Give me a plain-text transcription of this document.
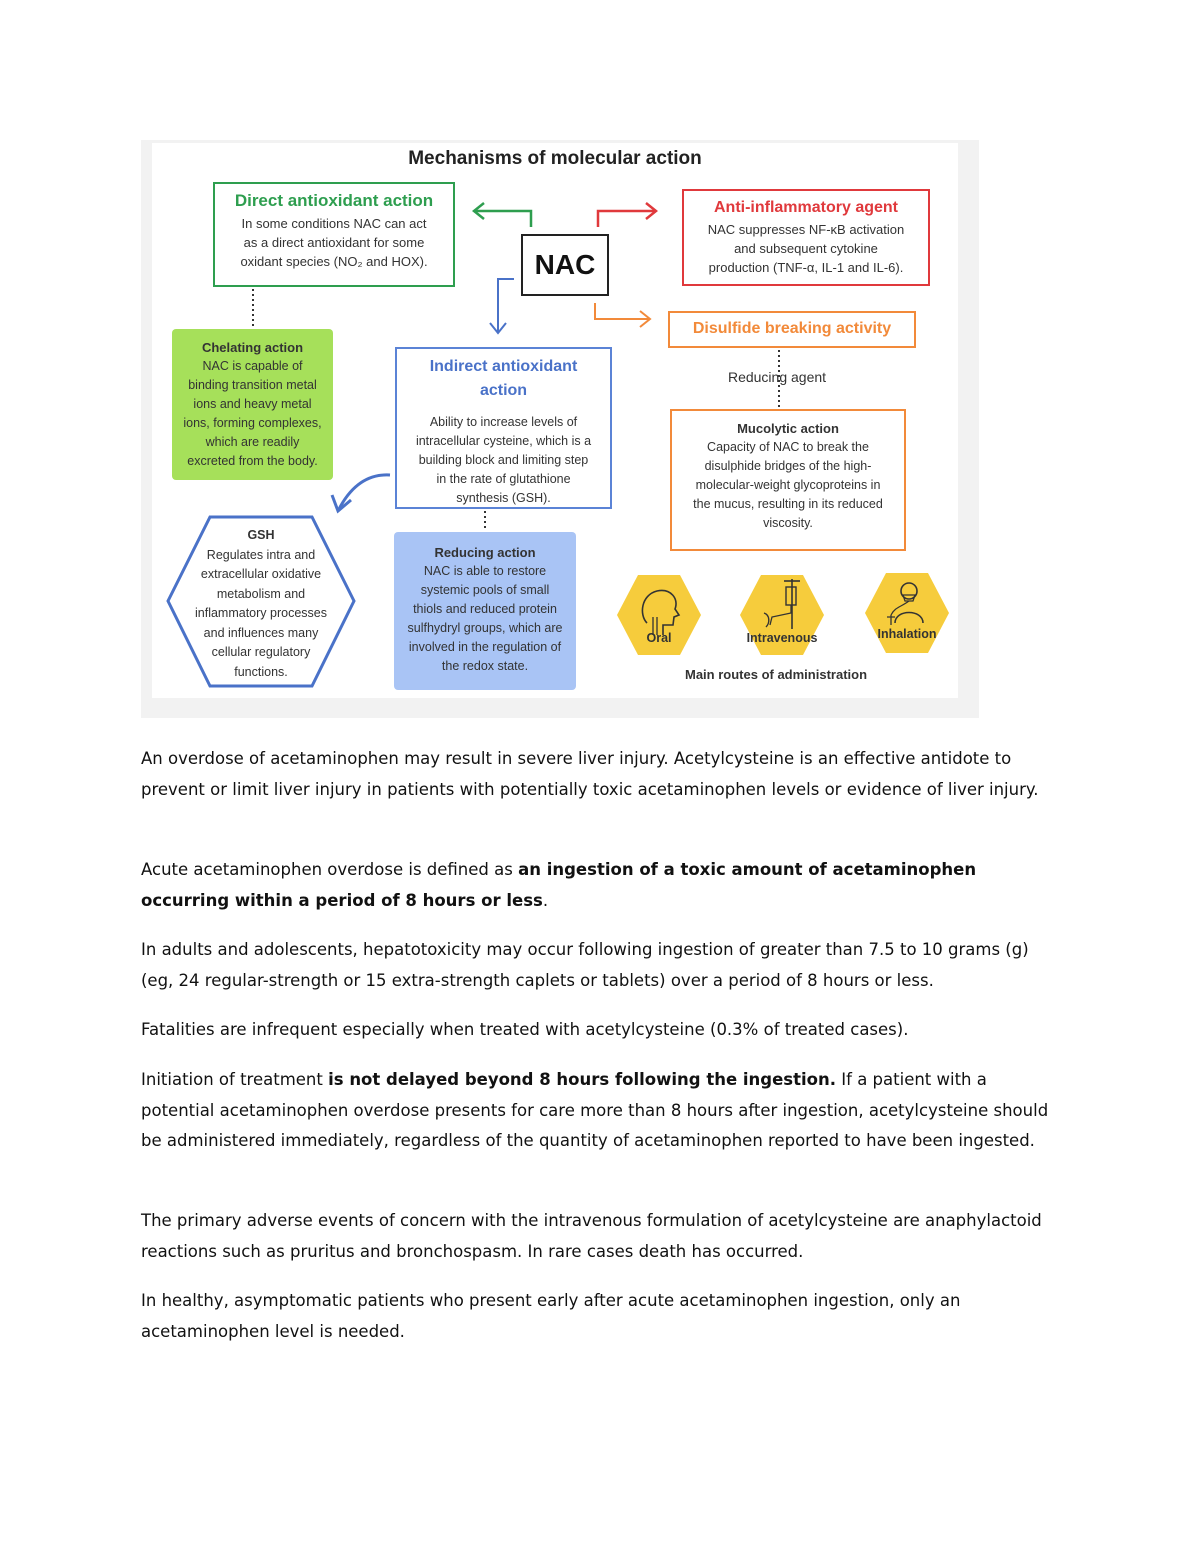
Mechanisms of molecular action
Direct antioxidant action
In some conditions NAC can act
as a direct antioxidant for some
oxidant species (NO₂ and HOX).	NAC
Anti-inflammatory agent
NAC suppresses NF-κB activation
and subsequent cytokine
production (TNF-α, IL-1 and IL-6).
Disulfide breaking activity
Chelating action
NAC is capable of
binding transition metal
ions and heavy metal
ions, forming complexes,
which are readily
excreted from the body.
Indirect antioxidant
action
Ability to increase levels of
intracellular cysteine, which is a
building block and limiting step
in the rate of glutathione
synthesis (GSH).
Reducing agent
Mucolytic action
Capacity of NAC to break the
disulphide bridges of the high-
molecular-weight glycoproteins in
the mucus, resulting in its reduced
viscosity.
GSH
Regulates intra and
extracellular oxidative
metabolism and
inflammatory processes
and influences many
cellular regulatory
functions.
Reducing action
NAC is able to restore
systemic pools of small
thiols and reduced protein
sulfhydryl groups, which are
involved in the regulation of
the redox state.
Oral	Intravenous	Inhalation
Main routes of administration

An overdose of acetaminophen may result in severe liver injury. Acetylcysteine is an effective antidote to prevent or limit liver injury in patients with potentially toxic acetaminophen levels or evidence of liver injury.

Acute acetaminophen overdose is defined as an ingestion of a toxic amount of acetaminophen occurring within a period of 8 hours or less.

In adults and adolescents, hepatotoxicity may occur following ingestion of greater than 7.5 to 10 grams (g) (eg, 24 regular-strength or 15 extra-strength caplets or tablets) over a period of 8 hours or less.

Fatalities are infrequent especially when treated with acetylcysteine (0.3% of treated cases).

Initiation of treatment is not delayed beyond 8 hours following the ingestion. If a patient with a potential acetaminophen overdose presents for care more than 8 hours after ingestion, acetylcysteine should be administered immediately, regardless of the quantity of acetaminophen reported to have been ingested.

The primary adverse events of concern with the intravenous formulation of acetylcysteine are anaphylactoid reactions such as pruritus and bronchospasm. In rare cases death has occurred.

In healthy, asymptomatic patients who present early after acute acetaminophen ingestion, only an acetaminophen level is needed.
